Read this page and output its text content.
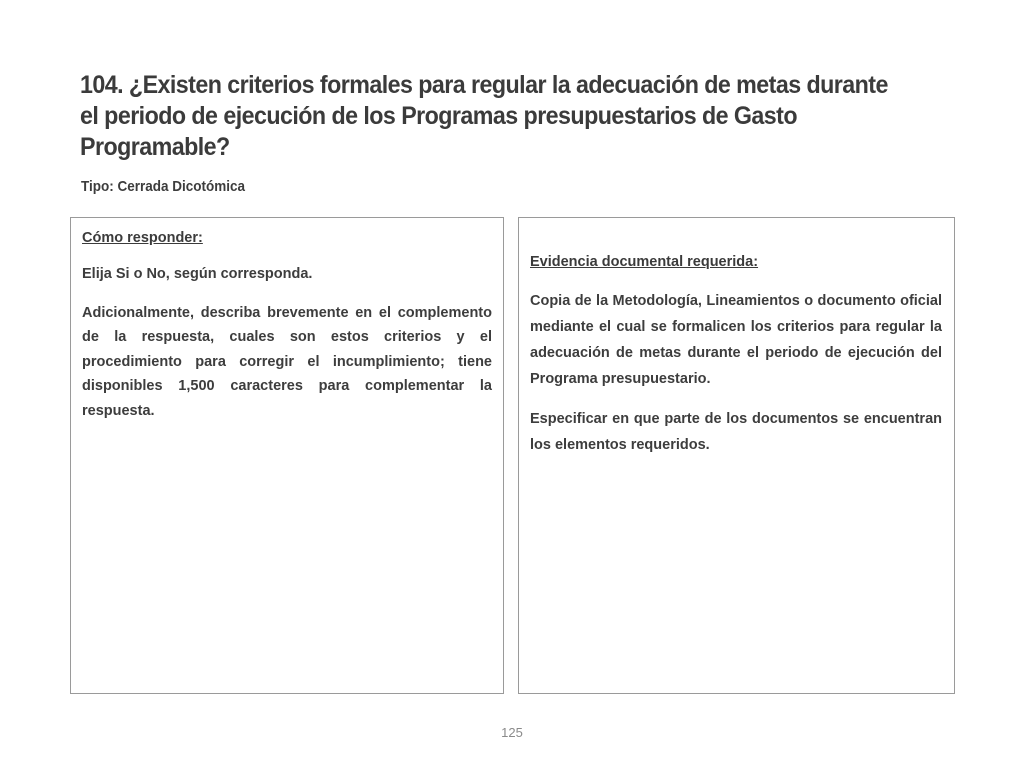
104. ¿Existen criterios formales para regular la adecuación de metas durante el periodo de ejecución de los Programas presupuestarios de Gasto Programable?
Tipo: Cerrada Dicotómica

Cómo responder:

Elija Si o No, según corresponda.

Adicionalmente, describa brevemente en el complemento de la respuesta, cuales son estos criterios y el procedimiento para corregir el incumplimiento; tiene disponibles 1,500 caracteres para complementar la respuesta.

Evidencia documental requerida:

Copia de la Metodología, Lineamientos o documento oficial mediante el cual se formalicen los criterios para regular la adecuación de metas durante el periodo de ejecución del Programa presupuestario.

Especificar en que parte de los documentos se encuentran los elementos requeridos.

125
